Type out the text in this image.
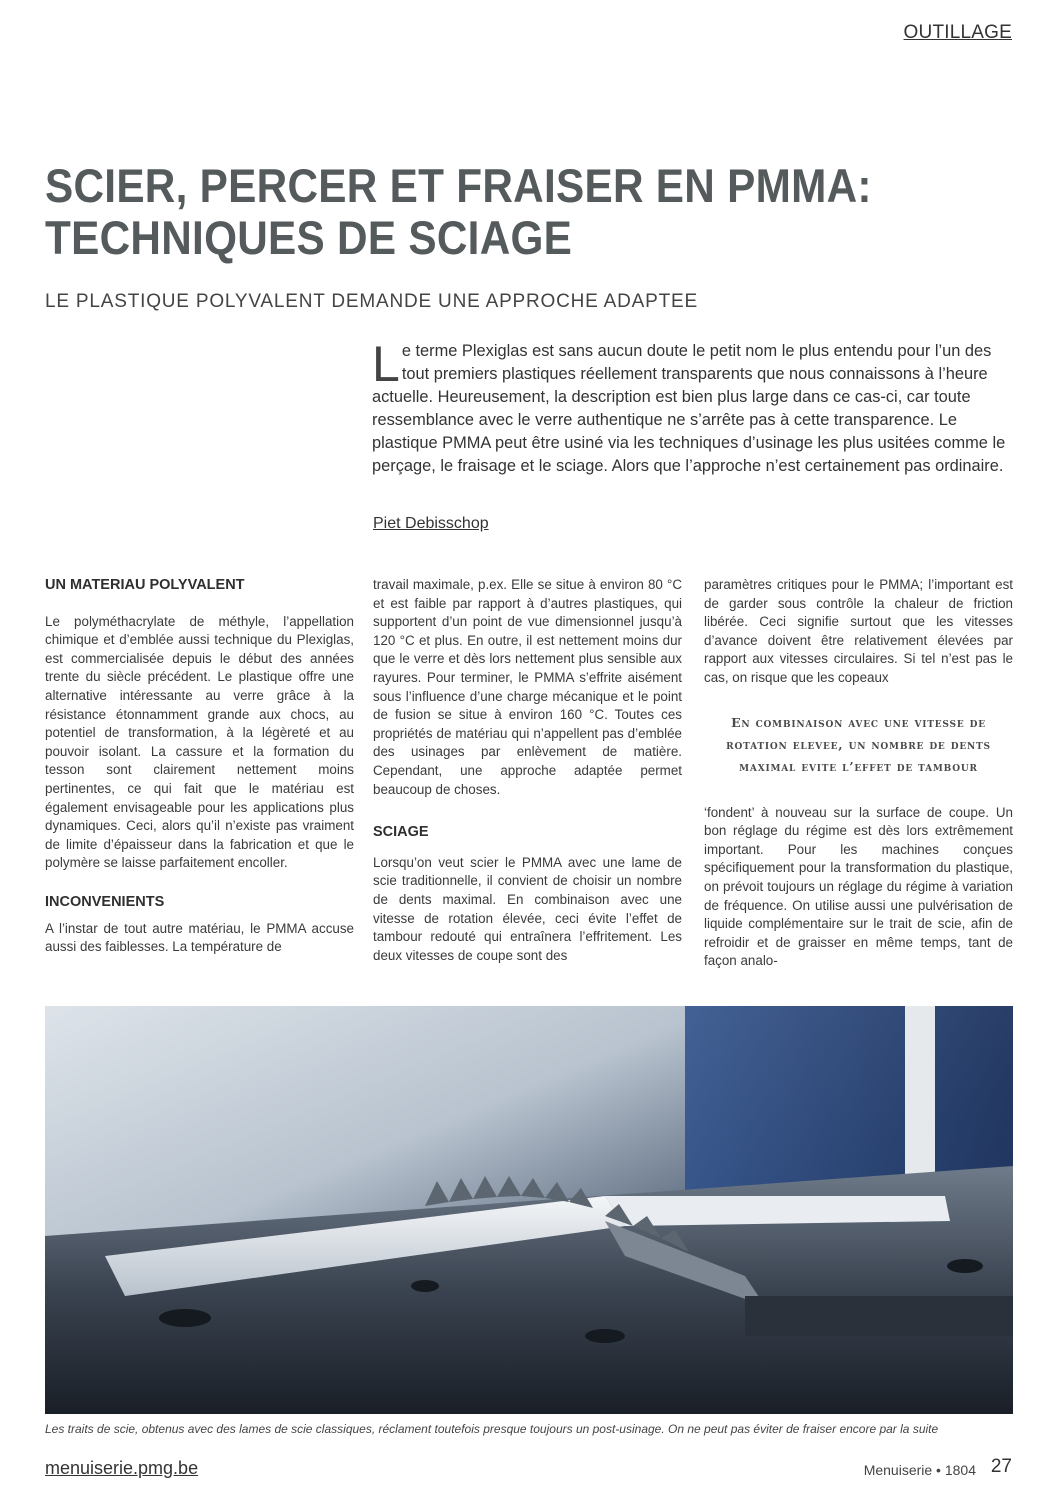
OUTILLAGE
SCIER, PERCER ET FRAISER EN PMMA:
TECHNIQUES DE SCIAGE
LE PLASTIQUE POLYVALENT DEMANDE UNE APPROCHE ADAPTEE
L e terme Plexiglas est sans aucun doute le petit nom le plus entendu pour l’un des tout premiers plastiques réellement transparents que nous connaissons à l’heure actuelle. Heureusement, la description est bien plus large dans ce cas-ci, car toute ressemblance avec le verre authentique ne s’arrête pas à cette transparence. Le plastique PMMA peut être usiné via les techniques d’usinage les plus usitées comme le perçage, le fraisage et le sciage. Alors que l’approche n’est certainement pas ordinaire.
Piet Debisschop
UN MATERIAU POLYVALENT

Le polyméthacrylate de méthyle, l’appellation chimique et d’emblée aussi technique du Plexiglas, est commercialisée depuis le début des années trente du siècle précédent. Le plastique offre une alternative intéressante au verre grâce à la résistance étonnamment grande aux chocs, au potentiel de transformation, à la légèreté et au pouvoir isolant. La cassure et la formation du tesson sont clairement nettement moins pertinentes, ce qui fait que le matériau est également envisageable pour les applications plus dynamiques. Ceci, alors qu’il n’existe pas vraiment de limite d’épaisseur dans la fabrication et que le polymère se laisse parfaitement encoller.

INCONVENIENTS

A l’instar de tout autre matériau, le PMMA accuse aussi des faiblesses. La température de

travail maximale, p.ex. Elle se situe à environ 80 °C et est faible par rapport à d’autres plastiques, qui supportent d’un point de vue dimensionnel jusqu’à 120 °C et plus. En outre, il est nettement moins dur que le verre et dès lors nettement plus sensible aux rayures. Pour terminer, le PMMA s’effrite aisément sous l’influence d’une charge mécanique et le point de fusion se situe à environ 160 °C. Toutes ces propriétés de matériau qui n’appellent pas d’emblée des usinages par enlèvement de matière. Cependant, une approche adaptée permet beaucoup de choses.

SCIAGE

Lorsqu’on veut scier le PMMA avec une lame de scie traditionnelle, il convient de choisir un nombre de dents maximal. En combinaison avec une vitesse de rotation élevée, ceci évite l’effet de tambour redouté qui entraînera l’effritement. Les deux vitesses de coupe sont des

paramètres critiques pour le PMMA; l’important est de garder sous contrôle la chaleur de friction libérée. Ceci signifie surtout que les vitesses d’avance doivent être relativement élevées par rapport aux vitesses circulaires. Si tel n’est pas le cas, on risque que les copeaux

En combinaison avec une vitesse de rotation elevee, un nombre de dents maximal evite l’effet de tambour

‘fondent’ à nouveau sur la surface de coupe. Un bon réglage du régime est dès lors extrêmement important. Pour les machines conçues spécifiquement pour la transformation du plastique, on prévoit toujours un réglage du régime à variation de fréquence. On utilise aussi une pulvérisation de liquide complémentaire sur le trait de scie, afin de refroidir et de graisser en même temps, tant de façon analo-

Les traits de scie, obtenus avec des lames de scie classiques, réclament toutefois presque toujours un post-usinage. On ne peut pas éviter de fraiser encore par la suite
menuiserie.pmg.be	Menuiserie • 1804 27
